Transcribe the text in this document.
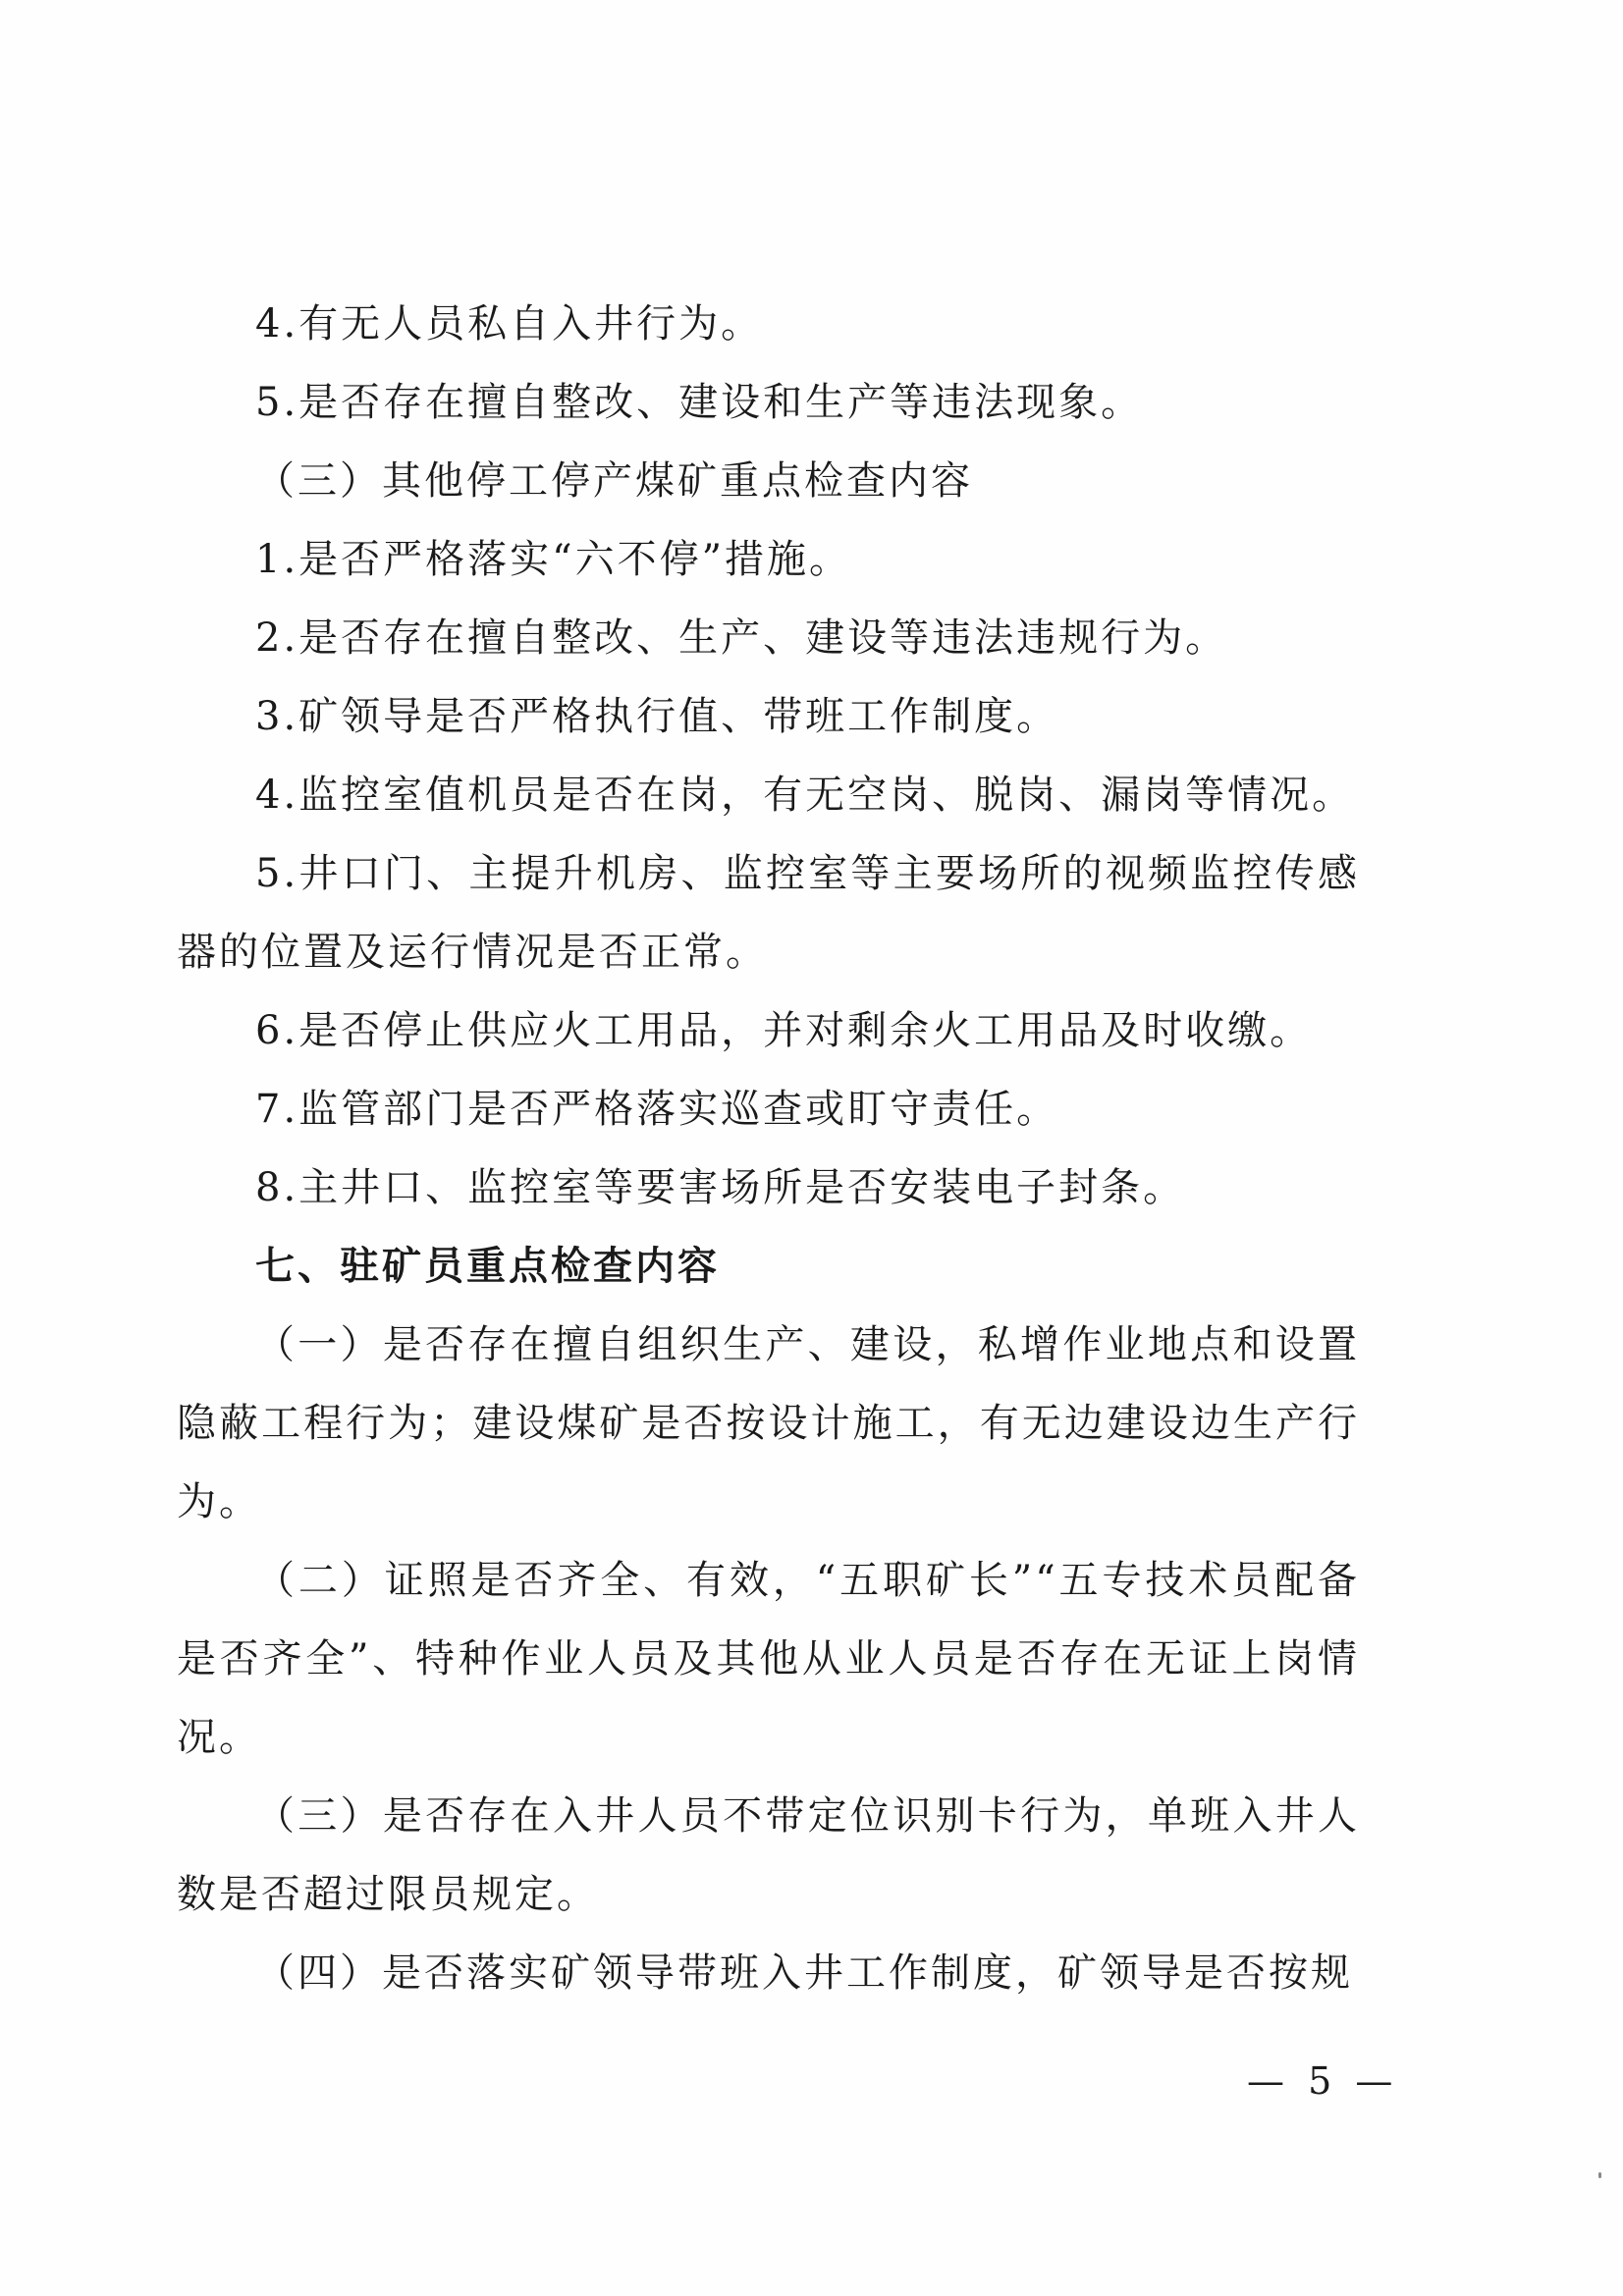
4.有无人员私自入井行为。

5.是否存在擅自整改、建设和生产等违法现象。

（三）其他停工停产煤矿重点检查内容

1.是否严格落实“六不停”措施。

2.是否存在擅自整改、生产、建设等违法违规行为。

3.矿领导是否严格执行值、带班工作制度。

4.监控室值机员是否在岗，有无空岗、脱岗、漏岗等情况。

5.井口门、主提升机房、监控室等主要场所的视频监控传感器的位置及运行情况是否正常。

6.是否停止供应火工用品，并对剩余火工用品及时收缴。

7.监管部门是否严格落实巡查或盯守责任。

8.主井口、监控室等要害场所是否安装电子封条。

七、驻矿员重点检查内容

（一）是否存在擅自组织生产、建设，私增作业地点和设置隐蔽工程行为；建设煤矿是否按设计施工，有无边建设边生产行为。

（二）证照是否齐全、有效，“五职矿长”“五专技术员配备是否齐全”、特种作业人员及其他从业人员是否存在无证上岗情况。

（三）是否存在入井人员不带定位识别卡行为，单班入井人数是否超过限员规定。

（四）是否落实矿领导带班入井工作制度，矿领导是否按规

— 5 —
